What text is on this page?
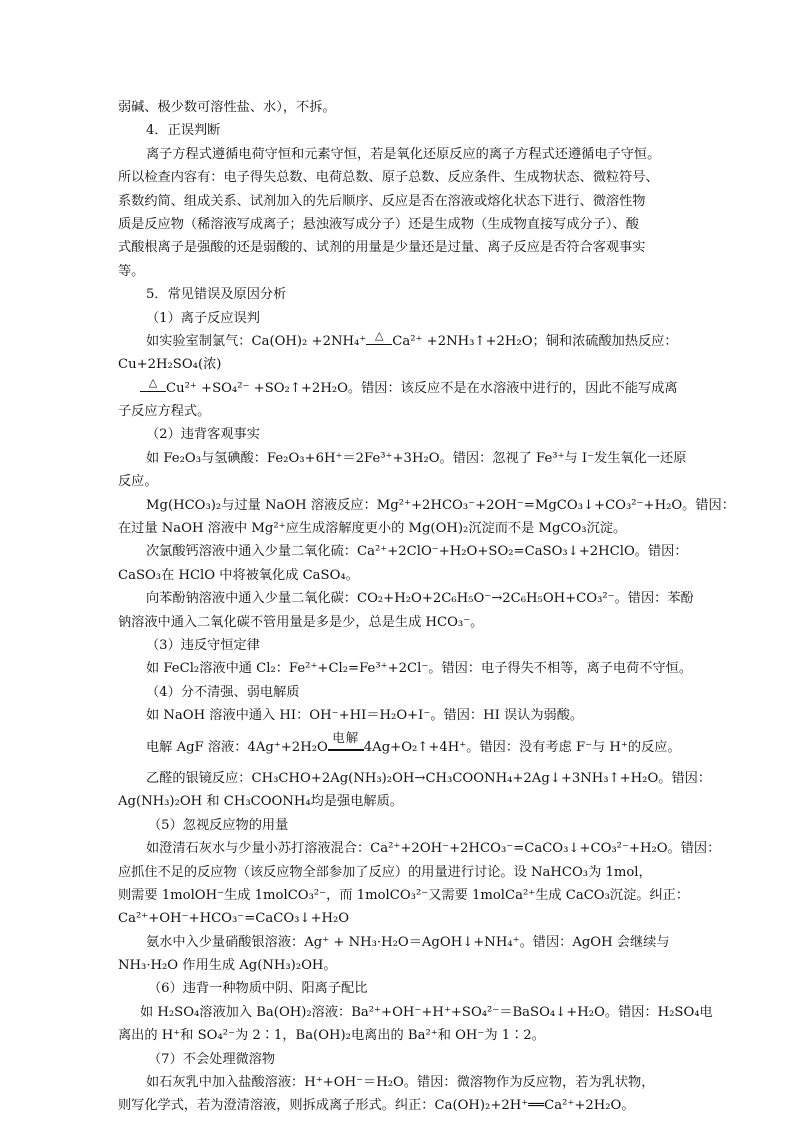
弱碱、极少数可溶性盐、水），不拆。
4．正误判断
离子方程式遵循电荷守恒和元素守恒，若是氧化还原反应的离子方程式还遵循电子守恒。
所以检查内容有：电子得失总数、电荷总数、原子总数、反应条件、生成物状态、微粒符号、
系数约简、组成关系、试剂加入的先后顺序、反应是否在溶液或熔化状态下进行、微溶性物
质是反应物（稀溶液写成离子；悬浊液写成分子）还是生成物（生成物直接写成分子）、酸
式酸根离子是强酸的还是弱酸的、试剂的用量是少量还是过量、离子反应是否符合客观事实
等。
5．常见错误及原因分析
（1）离子反应误判
如实验室制氯气：Ca(OH)₂ +2NH₄⁺ △ Ca²⁺ +2NH₃↑+2H₂O；铜和浓硫酸加热反应：
Cu+2H₂SO₄(浓)
△ Cu²⁺ +SO₄²⁻ +SO₂↑+2H₂O。错因：该反应不是在水溶液中进行的，因此不能写成离
子反应方程式。
（2）违背客观事实
如 Fe₂O₃与氢碘酸：Fe₂O₃+6H⁺＝2Fe³⁺+3H₂O。错因：忽视了 Fe³⁺与 I⁻发生氧化一还原
反应。
Mg(HCO₃)₂与过量 NaOH 溶液反应：Mg²⁺+2HCO₃⁻+2OH⁻=MgCO₃↓+CO₃²⁻+H₂O。错因：
在过量 NaOH 溶液中 Mg²⁺应生成溶解度更小的 Mg(OH)₂沉淀而不是 MgCO₃沉淀。
次氯酸钙溶液中通入少量二氧化硫：Ca²⁺+2ClO⁻+H₂O+SO₂=CaSO₃↓+2HClO。错因：
CaSO₃在 HClO 中将被氧化成 CaSO₄。
向苯酚钠溶液中通入少量二氧化碳：CO₂+H₂O+2C₆H₅O⁻→2C₆H₅OH+CO₃²⁻。错因：苯酚
钠溶液中通入二氧化碳不管用量是多是少，总是生成 HCO₃⁻。
（3）违反守恒定律
如 FeCl₂溶液中通 Cl₂：Fe²⁺+Cl₂=Fe³⁺+2Cl⁻。错因：电子得失不相等，离子电荷不守恒。
（4）分不清强、弱电解质
如 NaOH 溶液中通入 HI：OH⁻+HI＝H₂O+I⁻。错因：HI 误认为弱酸。
电解 AgF 溶液：4Ag⁺+2H₂O
电解
4Ag+O₂↑+4H⁺。错因：没有考虑 F⁻与 H⁺的反应。
乙醛的银镜反应：CH₃CHO+2Ag(NH₃)₂OH→CH₃COONH₄+2Ag↓+3NH₃↑+H₂O。错因：
Ag(NH₃)₂OH 和 CH₃COONH₄均是强电解质。
（5）忽视反应物的用量
如澄清石灰水与少量小苏打溶液混合：Ca²⁺+2OH⁻+2HCO₃⁻=CaCO₃↓+CO₃²⁻+H₂O。错因：
应抓住不足的反应物（该反应物全部参加了反应）的用量进行讨论。设 NaHCO₃为 1mol，
则需要 1molOH⁻生成 1molCO₃²⁻，而 1molCO₃²⁻又需要 1molCa²⁺生成 CaCO₃沉淀。纠正：
Ca²⁺+OH⁻+HCO₃⁻=CaCO₃↓+H₂O
氨水中入少量硝酸银溶液：Ag⁺ + NH₃·H₂O＝AgOH↓+NH₄⁺。错因：AgOH 会继续与
NH₃·H₂O 作用生成 Ag(NH₃)₂OH。
（6）违背一种物质中阴、阳离子配比
如 H₂SO₄溶液加入 Ba(OH)₂溶液：Ba²⁺+OH⁻+H⁺+SO₄²⁻＝BaSO₄↓+H₂O。错因：H₂SO₄电
离出的 H⁺和 SO₄²⁻为 2∶1，Ba(OH)₂电离出的 Ba²⁺和 OH⁻为 1∶2。
（7）不会处理微溶物
如石灰乳中加入盐酸溶液：H⁺+OH⁻＝H₂O。错因：微溶物作为反应物，若为乳状物，
则写化学式，若为澄清溶液，则拆成离子形式。纠正：Ca(OH)₂+2H⁺══Ca²⁺+2H₂O。
